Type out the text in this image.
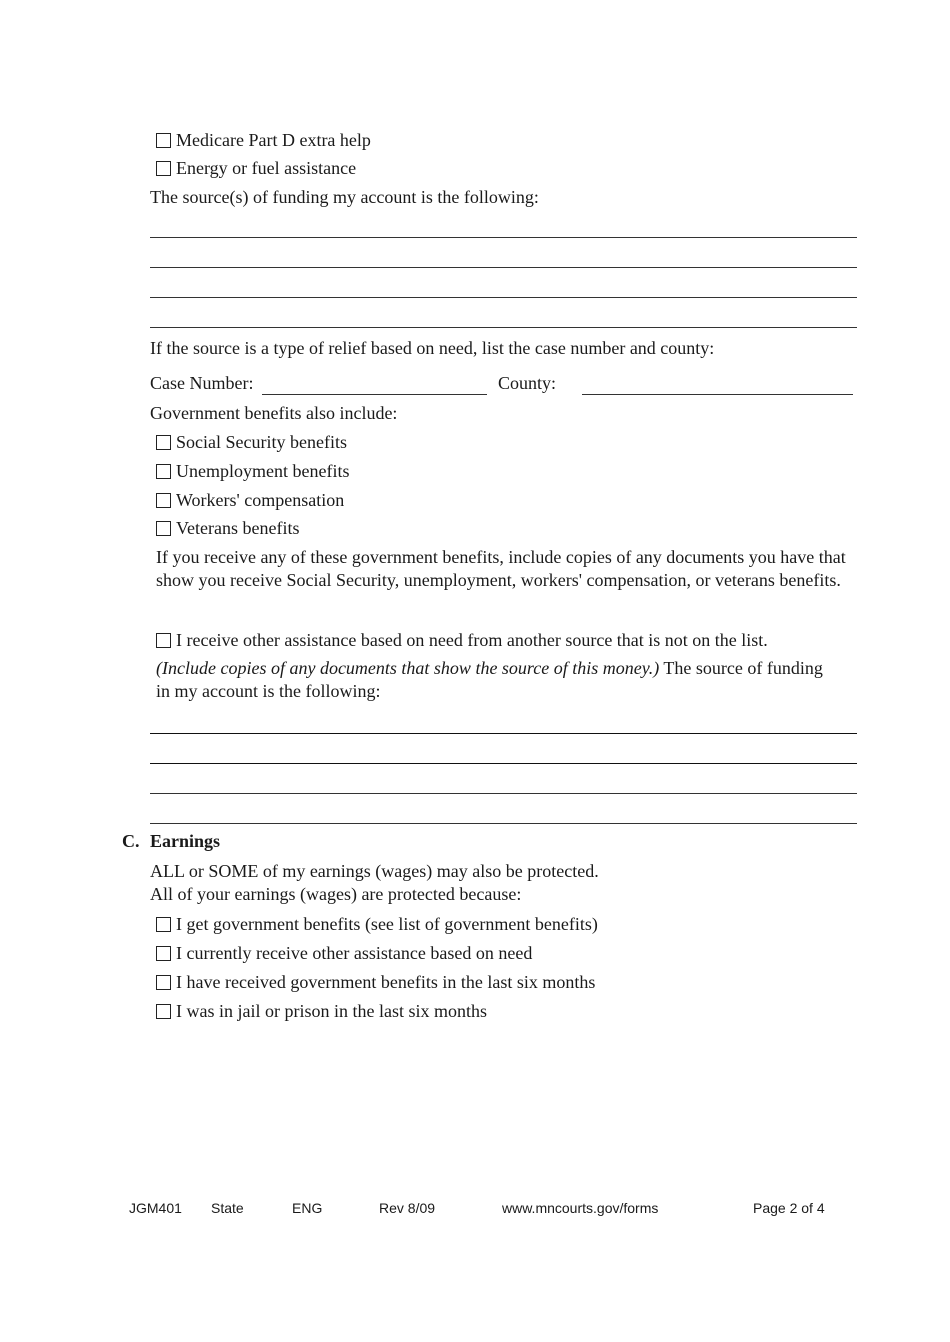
Medicare Part D extra help
Energy or fuel assistance
The source(s) of funding my account is the following:
If the source is a type of relief based on need, list the case number and county:
Case Number:	County:
Government benefits also include:
Social Security benefits
Unemployment benefits
Workers' compensation
Veterans benefits
If you receive any of these government benefits, include copies of any documents you have that show you receive Social Security, unemployment, workers' compensation, or veterans benefits.
I receive other assistance based on need from another source that is not on the list.
(Include copies of any documents that show the source of this money.) The source of funding in my account is the following:
C. Earnings
ALL or SOME of my earnings (wages) may also be protected.
All of your earnings (wages) are protected because:
I get government benefits (see list of government benefits)
I currently receive other assistance based on need
I have received government benefits in the last six months
I was in jail or prison in the last six months
JGM401 State	ENG	Rev 8/09	www.mncourts.gov/forms	Page 2 of 4
